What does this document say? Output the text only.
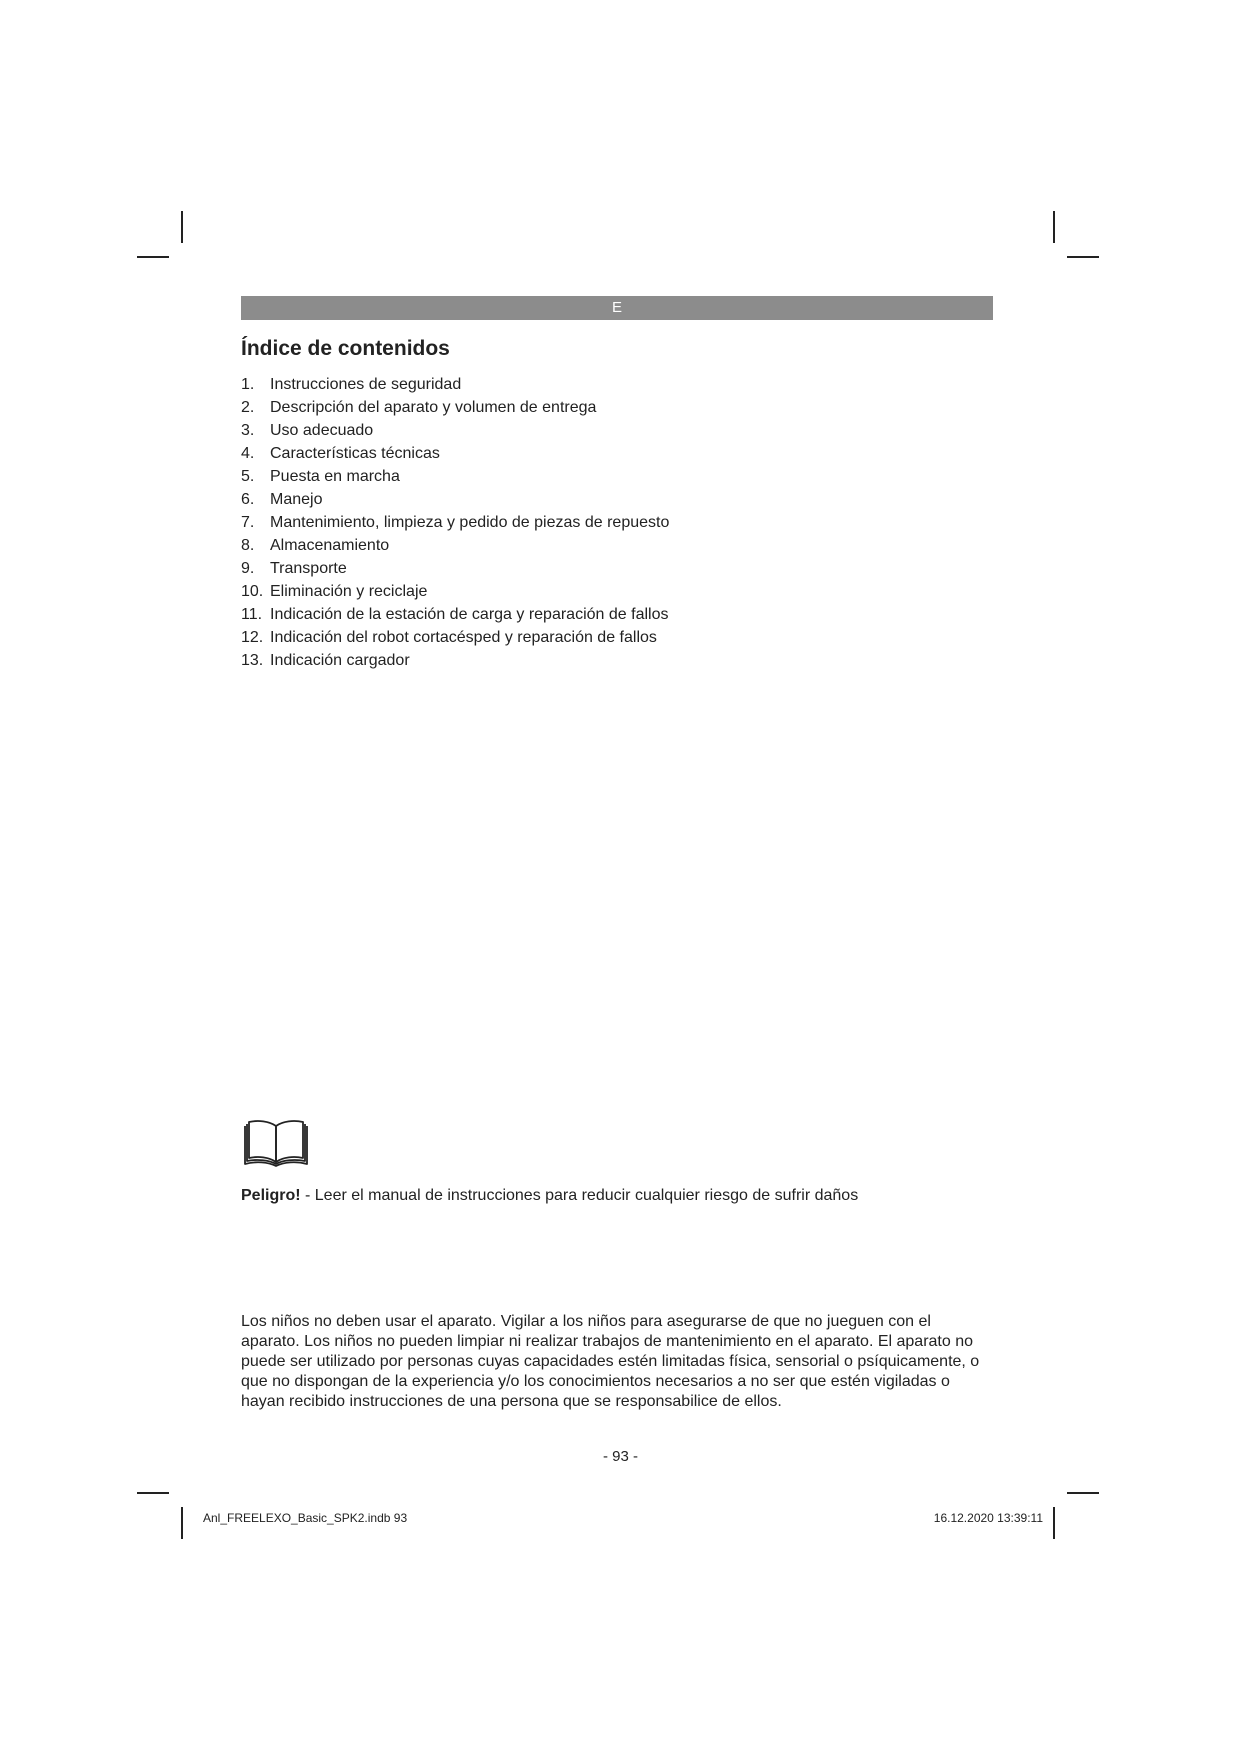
E
Índice de contenidos
1. Instrucciones de seguridad
2. Descripción del aparato y volumen de entrega
3. Uso adecuado
4. Características técnicas
5. Puesta en marcha
6. Manejo
7. Mantenimiento, limpieza y pedido de piezas de repuesto
8. Almacenamiento
9. Transporte
10. Eliminación y reciclaje
11. Indicación de la estación de carga y reparación de fallos
12. Indicación del robot cortacésped y reparación de fallos
13. Indicación cargador
Peligro! - Leer el manual de instrucciones para reducir cualquier riesgo de sufrir daños

Los niños no deben usar el aparato. Vigilar a los niños para asegurarse de que no jueguen con el aparato. Los niños no pueden limpiar ni realizar trabajos de mantenimiento en el aparato. El aparato no puede ser utilizado por personas cuyas capacidades estén limitadas física, sensorial o psíquicamente, o que no dispongan de la experiencia y/o los conocimientos necesarios a no ser que estén vigiladas o hayan recibido instrucciones de una persona que se responsabilice de ellos.

- 93 -
Anl_FREELEXO_Basic_SPK2.indb 93	16.12.2020 13:39:11
